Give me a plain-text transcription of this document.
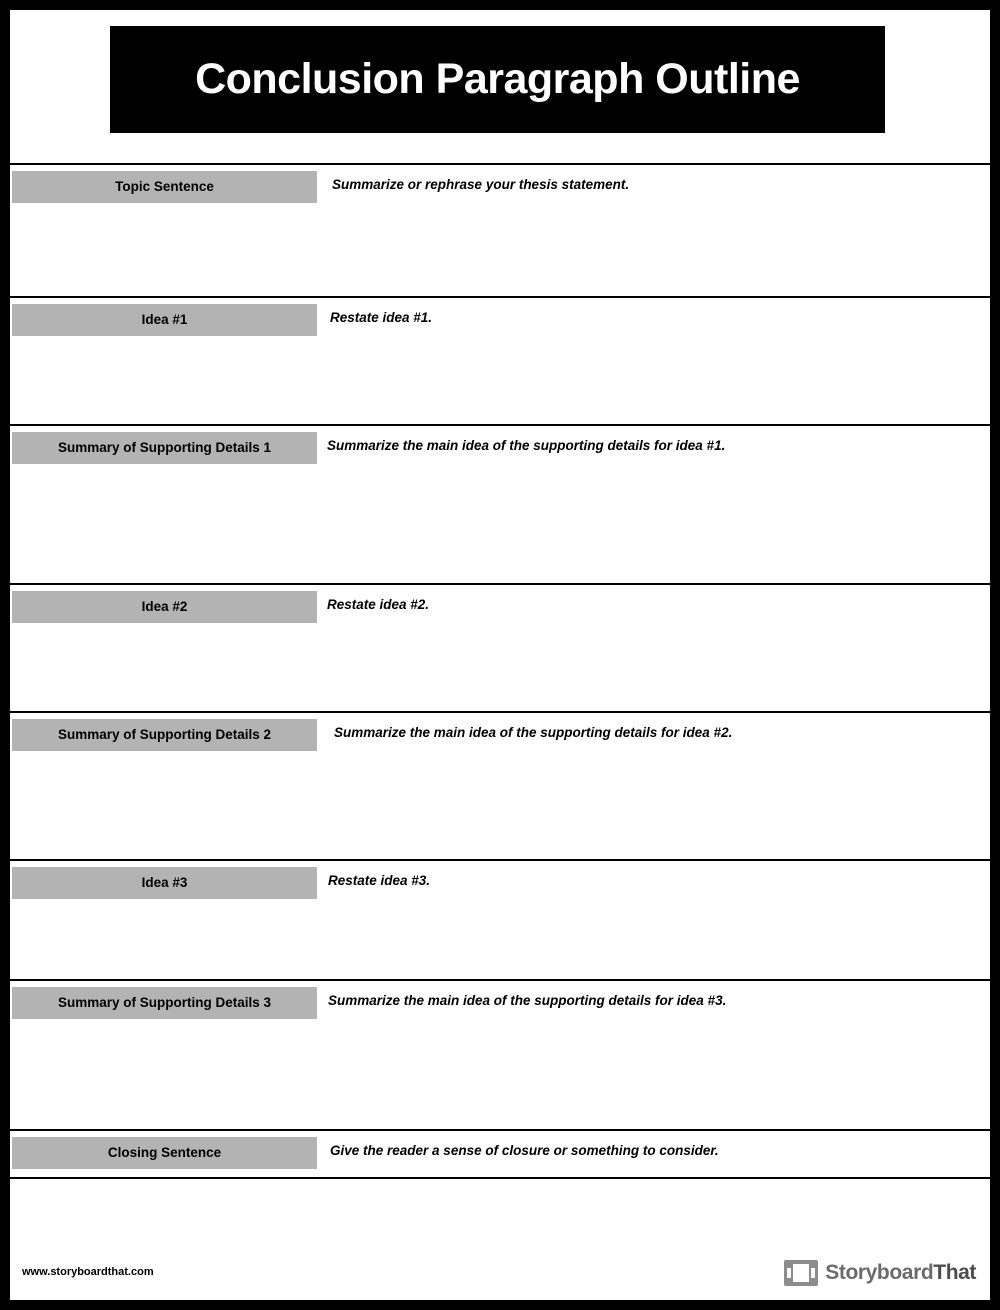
Conclusion Paragraph Outline
Topic Sentence	Summarize or rephrase your thesis statement.
Idea #1	Restate idea #1.
Summary of Supporting Details 1	Summarize the main idea of the supporting details for idea #1.
Idea #2	Restate idea #2.
Summary of Supporting Details 2	Summarize the main idea of the supporting details for idea #2.
Idea #3	Restate idea #3.
Summary of Supporting Details 3	Summarize the main idea of the supporting details for idea #3.
Closing Sentence	Give the reader a sense of closure or something to consider.
www.storyboardthat.com	StoryboardThat
